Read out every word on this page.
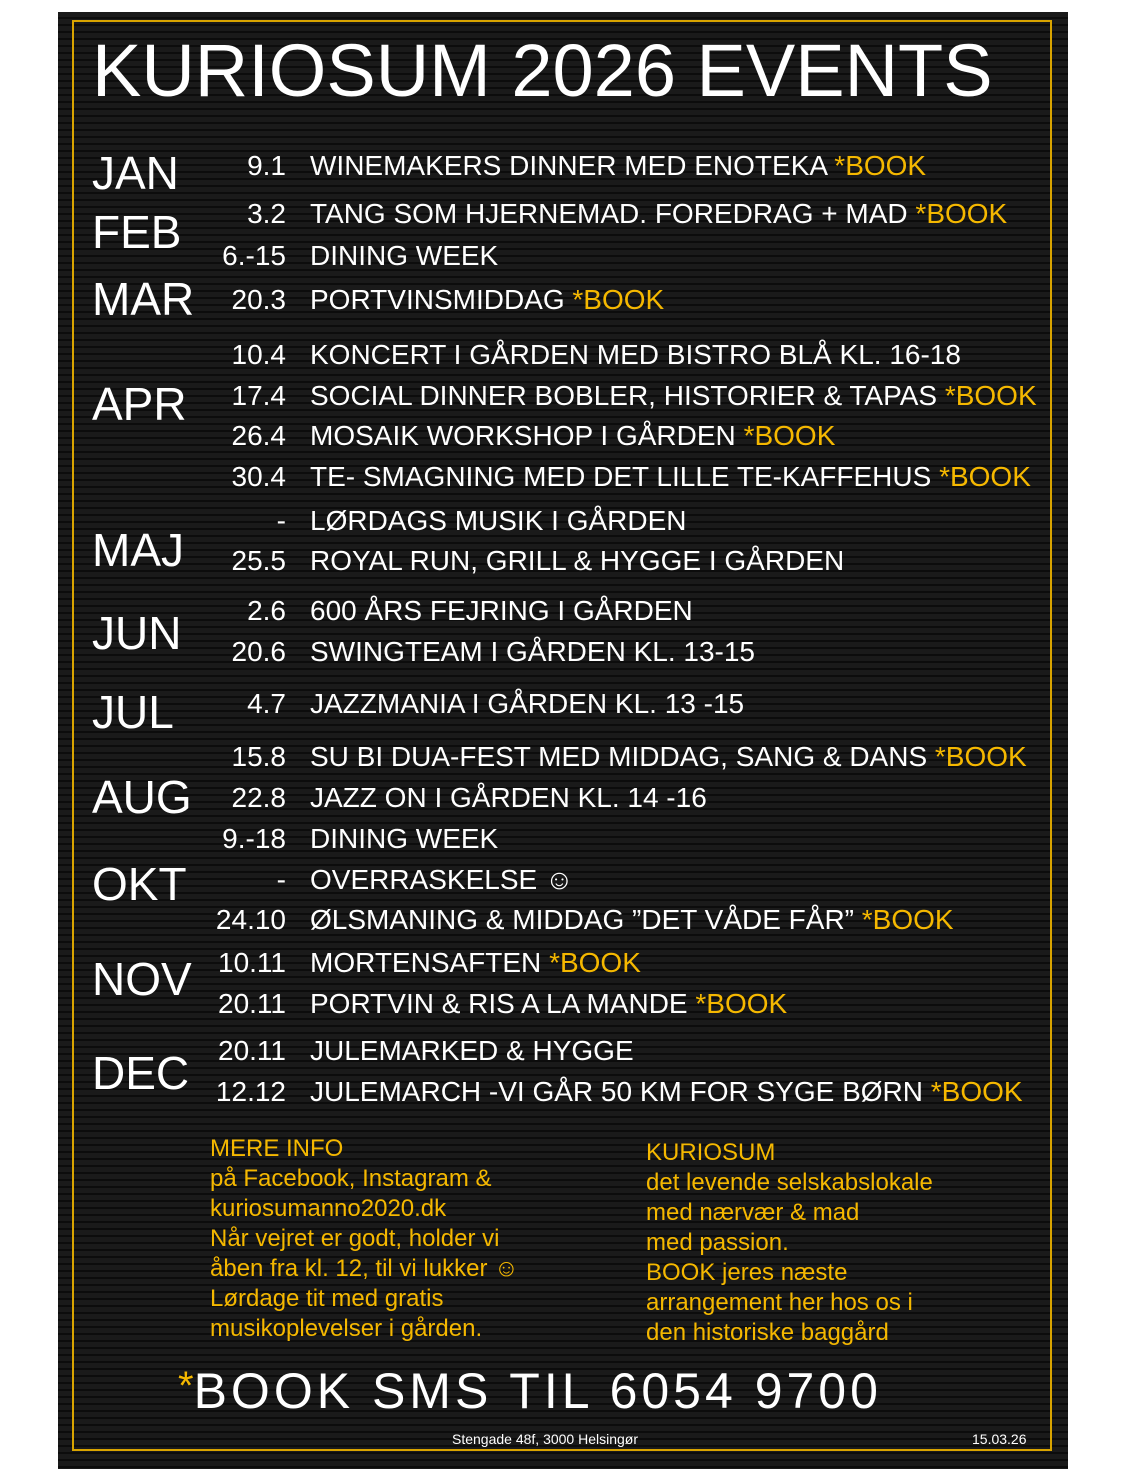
KURIOSUM 2026 EVENTS
JAN
FEB
MAR
APR
MAJ
JUN
JUL
AUG
OKT
NOV
DEC
9.1 WINEMAKERS DINNER MED ENOTEKA *BOOK
3.2 TANG SOM HJERNEMAD. FOREDRAG + MAD *BOOK
6.-15 DINING WEEK
20.3 PORTVINSMIDDAG *BOOK
10.4 KONCERT I GÅRDEN MED BISTRO BLÅ KL. 16-18
17.4 SOCIAL DINNER BOBLER, HISTORIER & TAPAS *BOOK
26.4 MOSAIK WORKSHOP I GÅRDEN *BOOK
30.4 TE- SMAGNING MED DET LILLE TE-KAFFEHUS *BOOK
- LØRDAGS MUSIK I GÅRDEN
25.5 ROYAL RUN, GRILL & HYGGE I GÅRDEN
2.6 600 ÅRS FEJRING I GÅRDEN
20.6 SWINGTEAM I GÅRDEN KL. 13-15
4.7 JAZZMANIA I GÅRDEN KL. 13 -15
15.8 SU BI DUA-FEST MED MIDDAG, SANG & DANS *BOOK
22.8 JAZZ ON I GÅRDEN KL. 14 -16
9.-18 DINING WEEK
- OVERRASKELSE ☺
24.10 ØLSMANING & MIDDAG ”DET VÅDE FÅR” *BOOK
10.11 MORTENSAFTEN *BOOK
20.11 PORTVIN & RIS A LA MANDE *BOOK
20.11 JULEMARKED & HYGGE
12.12 JULEMARCH -VI GÅR 50 KM FOR SYGE BØRN *BOOK
MERE INFO
på Facebook, Instagram &
kuriosumanno2020.dk
Når vejret er godt, holder vi
åben fra kl. 12, til vi lukker ☺
Lørdage tit med gratis
musikoplevelser i gården.
KURIOSUM
det levende selskabslokale
med nærvær & mad
med passion.
BOOK jeres næste
arrangement her hos os i
den historiske baggård
*BOOK SMS TIL 6054 9700
Stengade 48f, 3000 Helsingør	15.03.26
